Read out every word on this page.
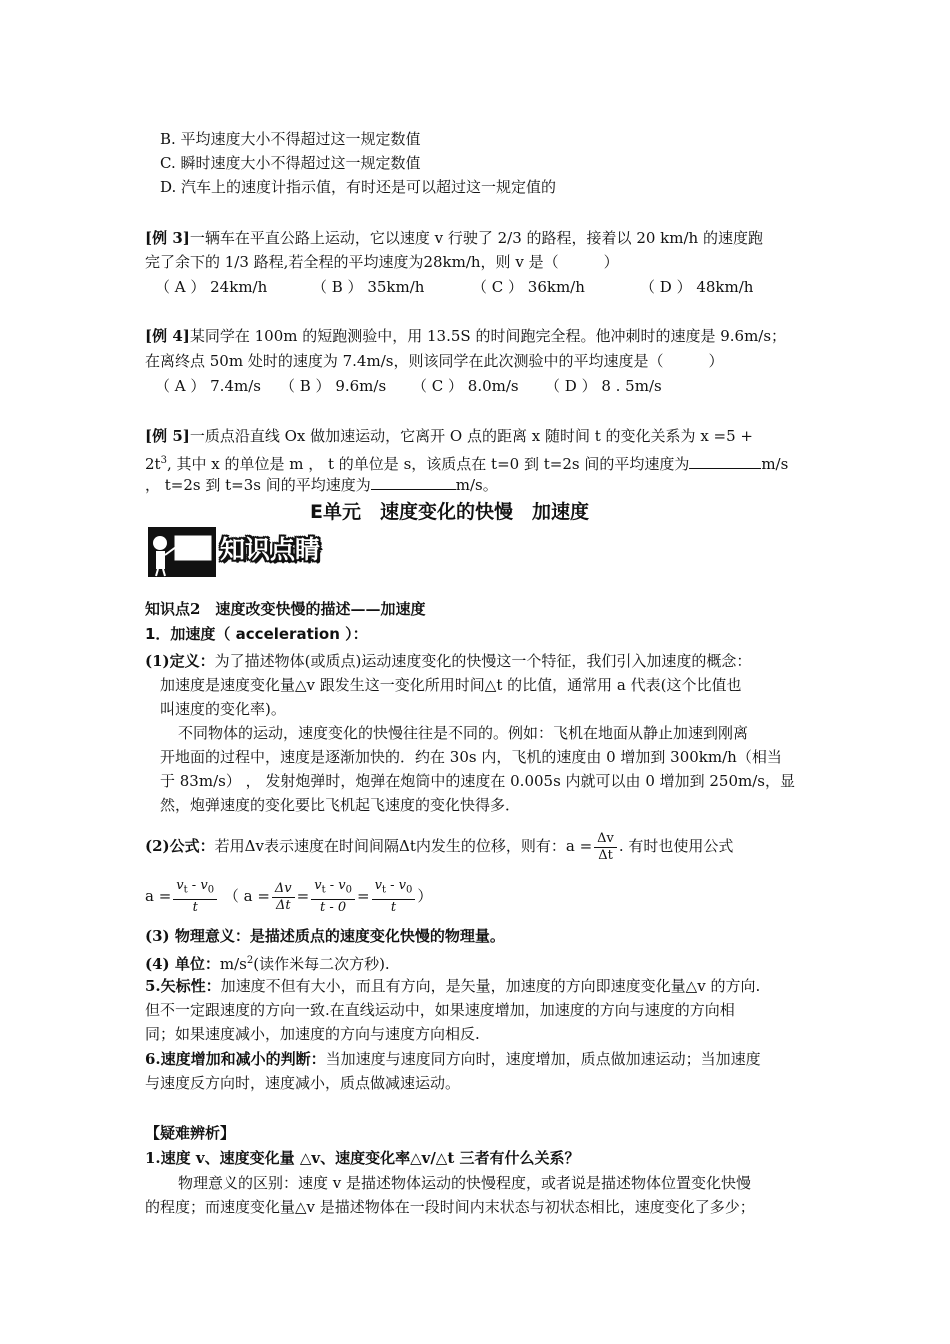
B. 平均速度大小不得超过这一规定数值
C. 瞬时速度大小不得超过这一规定数值
D. 汽车上的速度计指示值，有时还是可以超过这一规定值的
[例 3]一辆车在平直公路上运动，它以速度 v 行驶了 2/3 的路程，接着以 20 km/h 的速度跑
完了余下的 1/3 路程,若全程的平均速度为28km/h，则 v 是（　　　）
（ A ） 24km/h	（ B ） 35km/h	（ C ） 36km/h	（ D ） 48km/h
[例 4]某同学在 100m 的短跑测验中，用 13.5S 的时间跑完全程。他冲刺时的速度是 9.6m/s；
在离终点 50m 处时的速度为 7.4m/s，则该同学在此次测验中的平均速度是（　　　）
（ A ） 7.4m/s （ B ） 9.6m/s （ C ） 8.0m/s （ D ） 8 . 5m/s
[例 5]一质点沿直线 Ox 做加速运动，它离开 O 点的距离 x 随时间 t 的变化关系为 x =5 +
$2t^3$, 其中 x 的单位是 m ， t 的单位是 s，该质点在 t=0 到 t=2s 间的平均速度为	m/s
， t=2s 到 t=3s 间的平均速度为	m/s。
E单元　速度变化的快慢　加速度
知识点睛
知识点2　速度改变快慢的描述——加速度
1．加速度（ acceleration ）：
(1)定义：为了描述物体(或质点)运动速度变化的快慢这一个特征，我们引入加速度的概念：
加速度是速度变化量△v 跟发生这一变化所用时间△t 的比值，通常用 a 代表(这个比值也
叫速度的变化率)。
不同物体的运动，速度变化的快慢往往是不同的。例如：飞机在地面从静止加速到刚离
开地面的过程中，速度是逐渐加快的．约在 30s 内，飞机的速度由 0 增加到 300km/h（相当
于 83m/s） ， 发射炮弹时，炮弹在炮筒中的速度在 0.005s 内就可以由 0 增加到 250m/s，显
然，炮弹速度的变化要比飞机起飞速度的变化快得多．
(2)公式：若用Δv表示速度在时间间隔Δt内发生的位移，则有：$a = \frac{\Delta v}{\Delta t}$ . 有时也使用公式
$a = \frac{v_t - v_0}{t}$ （ $a = \frac{\Delta v}{\Delta t} = \frac{v_t - v_0}{t - 0} = \frac{v_t - v_0}{t}$ ）
(3) 物理意义：是描述质点的速度变化快慢的物理量。
(4) 单位：$m/s^2$(读作米每二次方秒).
5.矢标性：加速度不但有大小，而且有方向，是矢量，加速度的方向即速度变化量△v 的方向.
但不一定跟速度的方向一致.在直线运动中，如果速度增加，加速度的方向与速度的方向相
同；如果速度减小，加速度的方向与速度方向相反.
6.速度增加和减小的判断：当加速度与速度同方向时，速度增加，质点做加速运动；当加速度
与速度反方向时，速度减小，质点做减速运动。
【疑难辨析】
1.速度 v、速度变化量 △v、速度变化率△v/△t 三者有什么关系？
物理意义的区别：速度 v 是描述物体运动的快慢程度，或者说是描述物体位置变化快慢
的程度；而速度变化量△v 是描述物体在一段时间内末状态与初状态相比，速度变化了多少；
